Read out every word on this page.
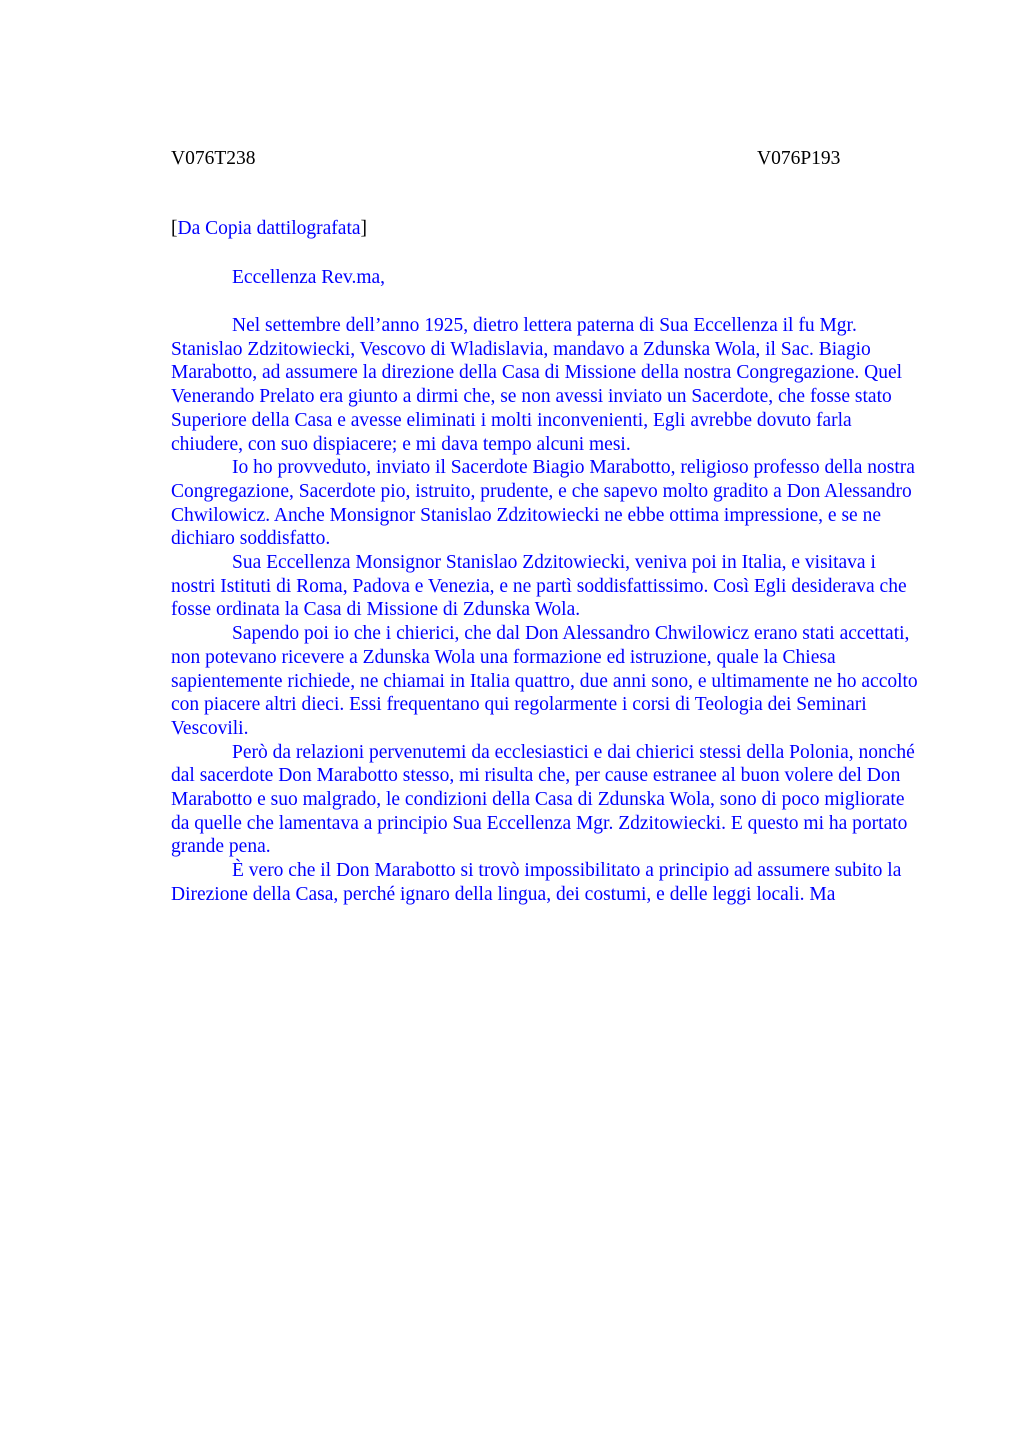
V076T238	V076P193

[Da Copia dattilografata]

Eccellenza Rev.ma,

Nel settembre dell’anno 1925, dietro lettera paterna di Sua Eccellenza il fu Mgr. Stanislao Zdzitowiecki, Vescovo di Wladislavia, mandavo a Zdunska Wola, il Sac. Biagio Marabotto, ad assumere la direzione della Casa di Missione della nostra Congregazione. Quel Venerando Prelato era giunto a dirmi che, se non avessi inviato un Sacerdote, che fosse stato Superiore della Casa e avesse eliminati i molti inconvenienti, Egli avrebbe dovuto farla chiudere, con suo dispiacere; e mi dava tempo alcuni mesi.

Io ho provveduto, inviato il Sacerdote Biagio Marabotto, religioso professo della nostra Congregazione, Sacerdote pio, istruito, prudente, e che sapevo molto gradito a Don Alessandro Chwilowicz. Anche Monsignor Stanislao Zdzitowiecki ne ebbe ottima impressione, e se ne dichiaro soddisfatto.

Sua Eccellenza Monsignor Stanislao Zdzitowiecki, veniva poi in Italia, e visitava i nostri Istituti di Roma, Padova e Venezia, e ne partì soddisfattissimo. Così Egli desiderava che fosse ordinata la Casa di Missione di Zdunska Wola.

Sapendo poi io che i chierici, che dal Don Alessandro Chwilowicz erano stati accettati, non potevano ricevere a Zdunska Wola una formazione ed istruzione, quale la Chiesa sapientemente richiede, ne chiamai in Italia quattro, due anni sono, e ultimamente ne ho accolto con piacere altri dieci. Essi frequentano qui regolarmente i corsi di Teologia dei Seminari Vescovili.

Però da relazioni pervenutemi da ecclesiastici e dai chierici stessi della Polonia, nonché dal sacerdote Don Marabotto stesso, mi risulta che, per cause estranee al buon volere del Don Marabotto e suo malgrado, le condizioni della Casa di Zdunska Wola, sono di poco migliorate da quelle che lamentava a principio Sua Eccellenza Mgr. Zdzitowiecki. E questo mi ha portato grande pena.

È vero che il Don Marabotto si trovò impossibilitato a principio ad assumere subito la Direzione della Casa, perché ignaro della lingua, dei costumi, e delle leggi locali. Ma
